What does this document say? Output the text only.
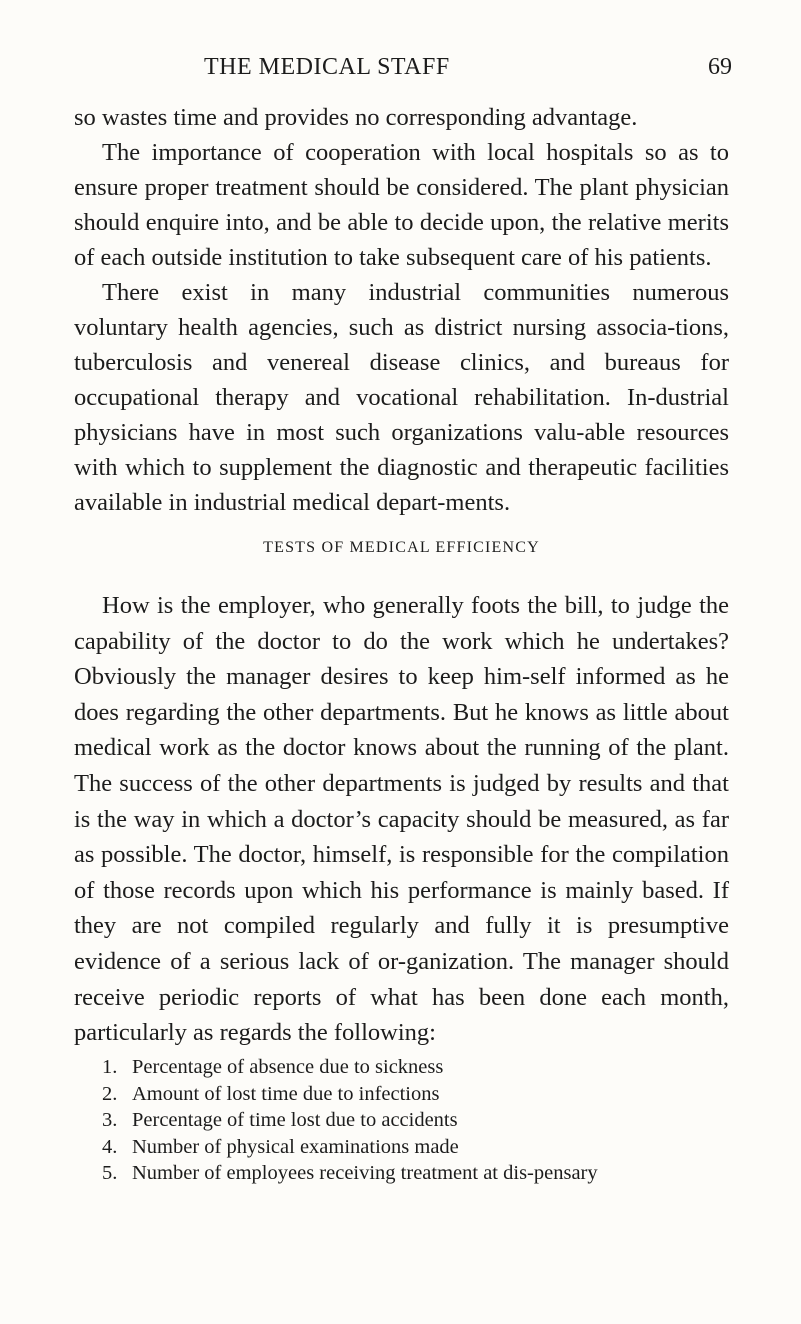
THE MEDICAL STAFF	69

so wastes time and provides no corresponding advantage.

The importance of cooperation with local hospitals so as to ensure proper treatment should be considered. The plant physician should enquire into, and be able to decide upon, the relative merits of each outside institution to take subsequent care of his patients.

There exist in many industrial communities numerous voluntary health agencies, such as district nursing associa-tions, tuberculosis and venereal disease clinics, and bureaus for occupational therapy and vocational rehabilitation. In-dustrial physicians have in most such organizations valu-able resources with which to supplement the diagnostic and therapeutic facilities available in industrial medical depart-ments.

TESTS OF MEDICAL EFFICIENCY

How is the employer, who generally foots the bill, to judge the capability of the doctor to do the work which he undertakes? Obviously the manager desires to keep him-self informed as he does regarding the other departments. But he knows as little about medical work as the doctor knows about the running of the plant. The success of the other departments is judged by results and that is the way in which a doctor’s capacity should be measured, as far as possible. The doctor, himself, is responsible for the compilation of those records upon which his performance is mainly based. If they are not compiled regularly and fully it is presumptive evidence of a serious lack of or-ganization. The manager should receive periodic reports of what has been done each month, particularly as regards the following:

1. Percentage of absence due to sickness
2. Amount of lost time due to infections
3. Percentage of time lost due to accidents
4. Number of physical examinations made
5. Number of employees receiving treatment at dis-pensary
